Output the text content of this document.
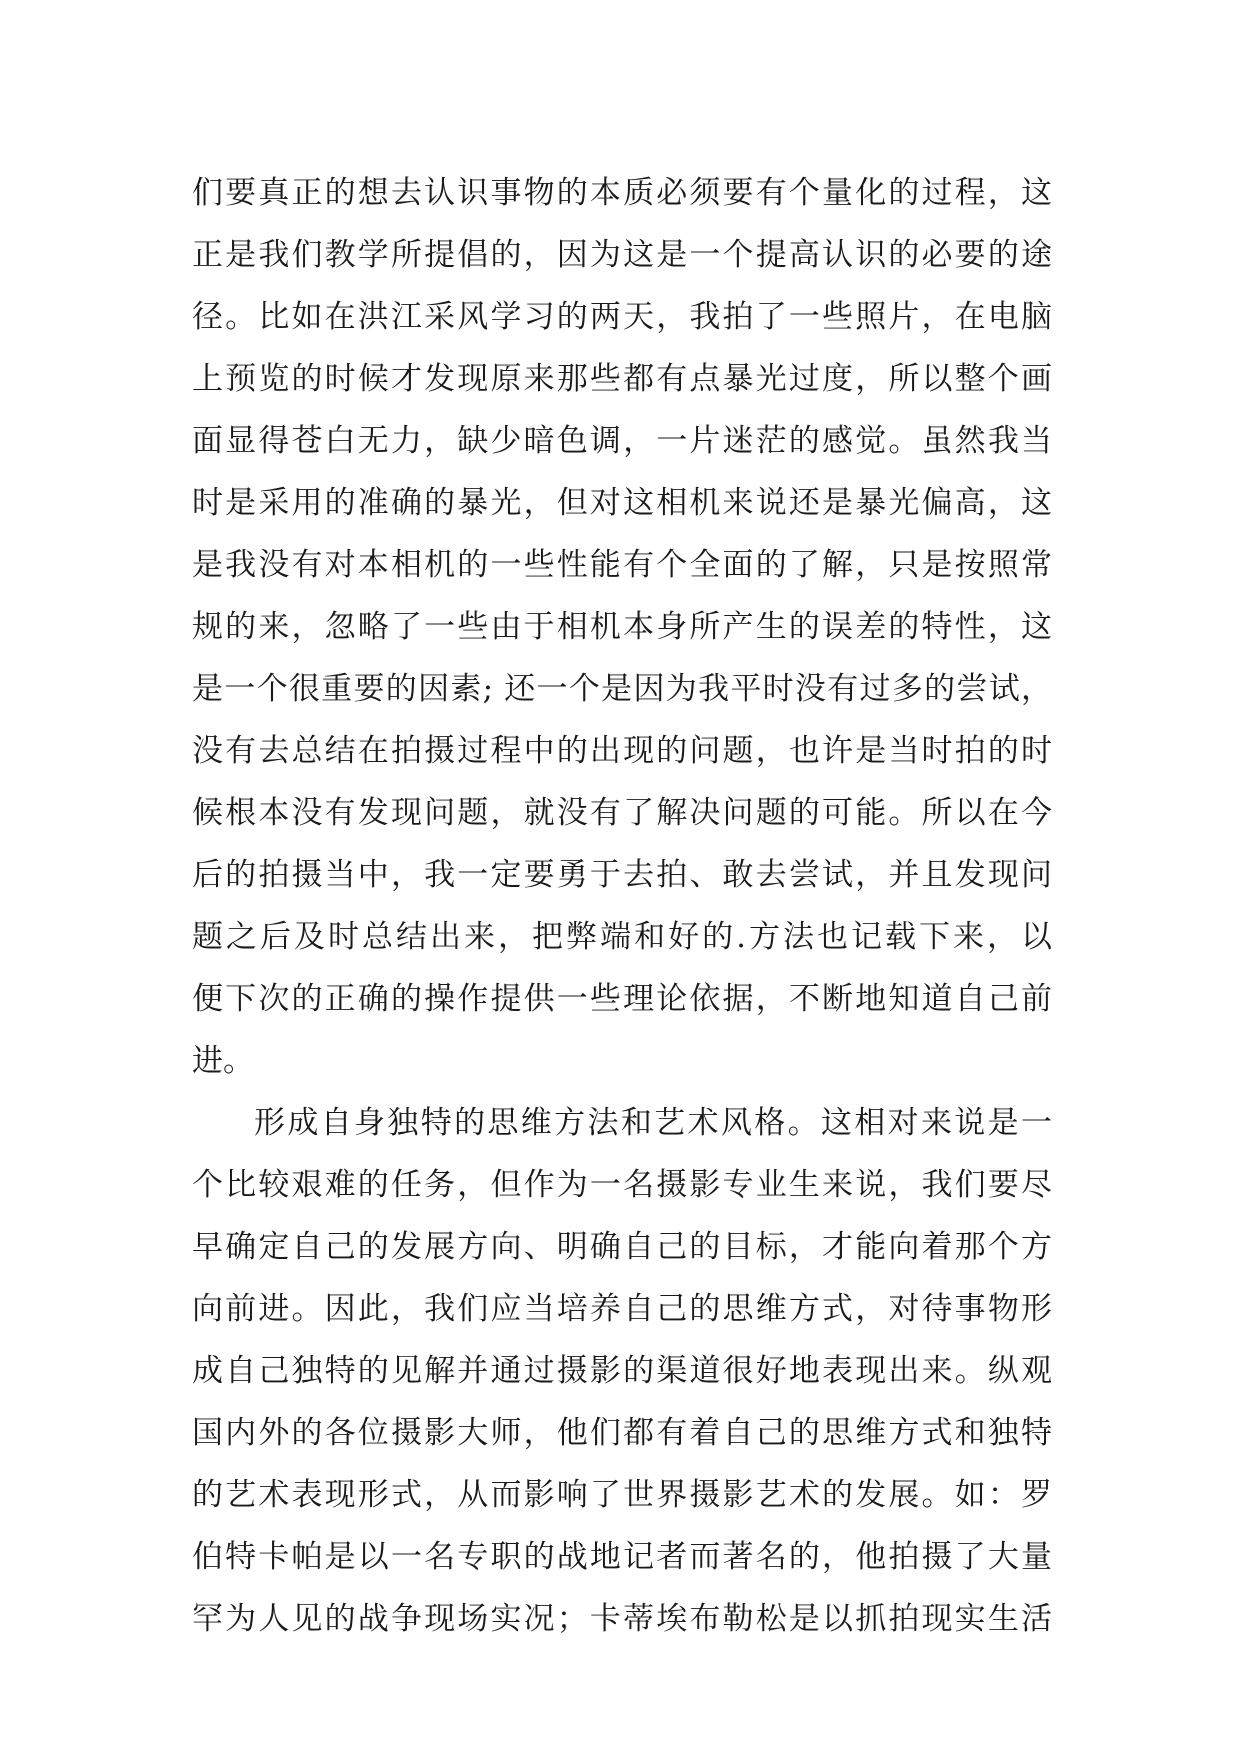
们要真正的想去认识事物的本质必须要有个量化的过程，这
正是我们教学所提倡的，因为这是一个提高认识的必要的途
径。比如在洪江采风学习的两天，我拍了一些照片，在电脑
上预览的时候才发现原来那些都有点暴光过度，所以整个画
面显得苍白无力，缺少暗色调，一片迷茫的感觉。虽然我当
时是采用的准确的暴光，但对这相机来说还是暴光偏高，这
是我没有对本相机的一些性能有个全面的了解，只是按照常
规的来，忽略了一些由于相机本身所产生的误差的特性，这
是一个很重要的因素; 还一个是因为我平时没有过多的尝试，
没有去总结在拍摄过程中的出现的问题，也许是当时拍的时
候根本没有发现问题，就没有了解决问题的可能。所以在今
后的拍摄当中，我一定要勇于去拍、敢去尝试，并且发现问
题之后及时总结出来，把弊端和好的.方法也记载下来，以
便下次的正确的操作提供一些理论依据，不断地知道自己前
进。
形成自身独特的思维方法和艺术风格。这相对来说是一
个比较艰难的任务，但作为一名摄影专业生来说，我们要尽
早确定自己的发展方向、明确自己的目标，才能向着那个方
向前进。因此，我们应当培养自己的思维方式，对待事物形
成自己独特的见解并通过摄影的渠道很好地表现出来。纵观
国内外的各位摄影大师，他们都有着自己的思维方式和独特
的艺术表现形式，从而影响了世界摄影艺术的发展。如：罗
伯特卡帕是以一名专职的战地记者而著名的，他拍摄了大量
罕为人见的战争现场实况；卡蒂埃布勒松是以抓拍现实生活
